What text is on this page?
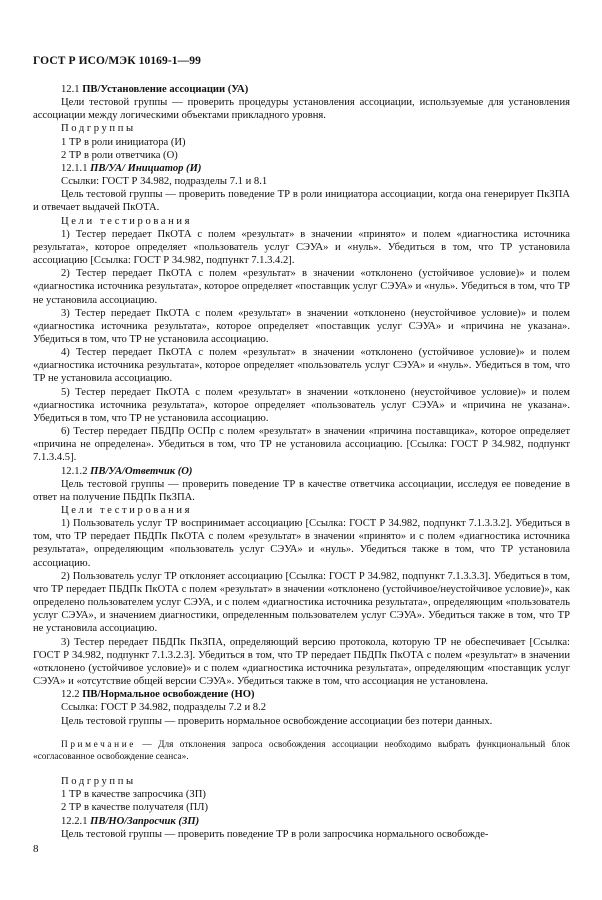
ГОСТ Р ИСО/МЭК 10169-1—99

12.1 ПВ/Установление ассоциации (УА)

Цели тестовой группы — проверить процедуры установления ассоциации, используемые для установления ассоциации между логическими объектами прикладного уровня.

Подгруппы

1 ТР в роли инициатора (И)

2 ТР в роли ответчика (О)

12.1.1 ПВ/УА/ Инициатор (И)

Ссылки: ГОСТ Р 34.982, подразделы 7.1 и 8.1

Цель тестовой группы — проверить поведение ТР в роли инициатора ассоциации, когда она генерирует ПкЗПА и отвечает выдачей ПкОТА.

Цели тестирования

1) Тестер передает ПкОТА с полем «результат» в значении «принято» и полем «диагностика источника результата», которое определяет «пользователь услуг СЭУА» и «нуль». Убедиться в том, что ТР установила ассоциацию [Ссылка: ГОСТ Р 34.982, подпункт 7.1.3.4.2].

2) Тестер передает ПкОТА с полем «результат» в значении «отклонено (устойчивое условие)» и полем «диагностика источника результата», которое определяет «поставщик услуг СЭУА» и «нуль». Убедиться в том, что ТР не установила ассоциацию.

3) Тестер передает ПкОТА с полем «результат» в значении «отклонено (неустойчивое условие)» и полем «диагностика источника результата», которое определяет «поставщик услуг СЭУА» и «причина не указана». Убедиться в том, что ТР не установила ассоциацию.

4) Тестер передает ПкОТА с полем «результат» в значении «отклонено (устойчивое условие)» и полем «диагностика источника результата», которое определяет «пользователь услуг СЭУА» и «нуль». Убедиться в том, что ТР не установила ассоциацию.

5) Тестер передает ПкОТА с полем «результат» в значении «отклонено (неустойчивое условие)» и полем «диагностика источника результата», которое определяет «пользователь услуг СЭУА» и «причина не указана». Убедиться в том, что ТР не установила ассоциацию.

6) Тестер передает ПБДПр ОСПр с полем «результат» в значении «причина поставщика», которое определяет «причина не определена». Убедиться в том, что ТР не установила ассоциацию. [Ссылка: ГОСТ Р 34.982, подпункт 7.1.3.4.5].

12.1.2 ПВ/УА/Ответчик (О)

Цель тестовой группы — проверить поведение ТР в качестве ответчика ассоциации, исследуя ее поведение в ответ на получение ПБДПк ПкЗПА.

Цели тестирования

1) Пользователь услуг ТР воспринимает ассоциацию [Ссылка: ГОСТ Р 34.982, подпункт 7.1.3.3.2]. Убедиться в том, что ТР передает ПБДПк ПкОТА с полем «результат» в значении «принято» и с полем «диагностика источника результата», определяющим «пользователь услуг СЭУА» и «нуль». Убедиться также в том, что ТР установила ассоциацию.

2) Пользователь услуг ТР отклоняет ассоциацию [Ссылка: ГОСТ Р 34.982, подпункт 7.1.3.3.3]. Убедиться в том, что ТР передает ПБДПк ПкОТА с полем «результат» в значении «отклонено (устойчивое/неустойчивое условие)», как определено пользователем услуг СЭУА, и с полем «диагностика источника результата», определяющим «пользователь услуг СЭУА», и значением диагностики, определенным пользователем услуг СЭУА». Убедиться также в том, что ТР не установила ассоциацию.

3) Тестер передает ПБДПк ПкЗПА, определяющий версию протокола, которую ТР не обеспечивает [Ссылка: ГОСТ Р 34.982, подпункт 7.1.3.2.3]. Убедиться в том, что ТР передает ПБДПк ПкОТА с полем «результат» в значении «отклонено (устойчивое условие)» и с полем «диагностика источника результата», определяющим «поставщик услуг СЭУА» и «отсутствие общей версии СЭУА». Убедиться также в том, что ассоциация не установлена.

12.2 ПВ/Нормальное освобождение (НО)

Ссылка: ГОСТ Р 34.982, подразделы 7.2 и 8.2

Цель тестовой группы — проверить нормальное освобождение ассоциации без потери данных.

Примечание — Для отклонения запроса освобождения ассоциации необходимо выбрать функциональный блок «согласованное освобождение сеанса».

Подгруппы

1 ТР в качестве запросчика (ЗП)

2 ТР в качестве получателя (ПЛ)

12.2.1 ПВ/НО/Запросчик (ЗП)

Цель тестовой группы — проверить поведение ТР в роли запросчика нормального освобожде-

8
